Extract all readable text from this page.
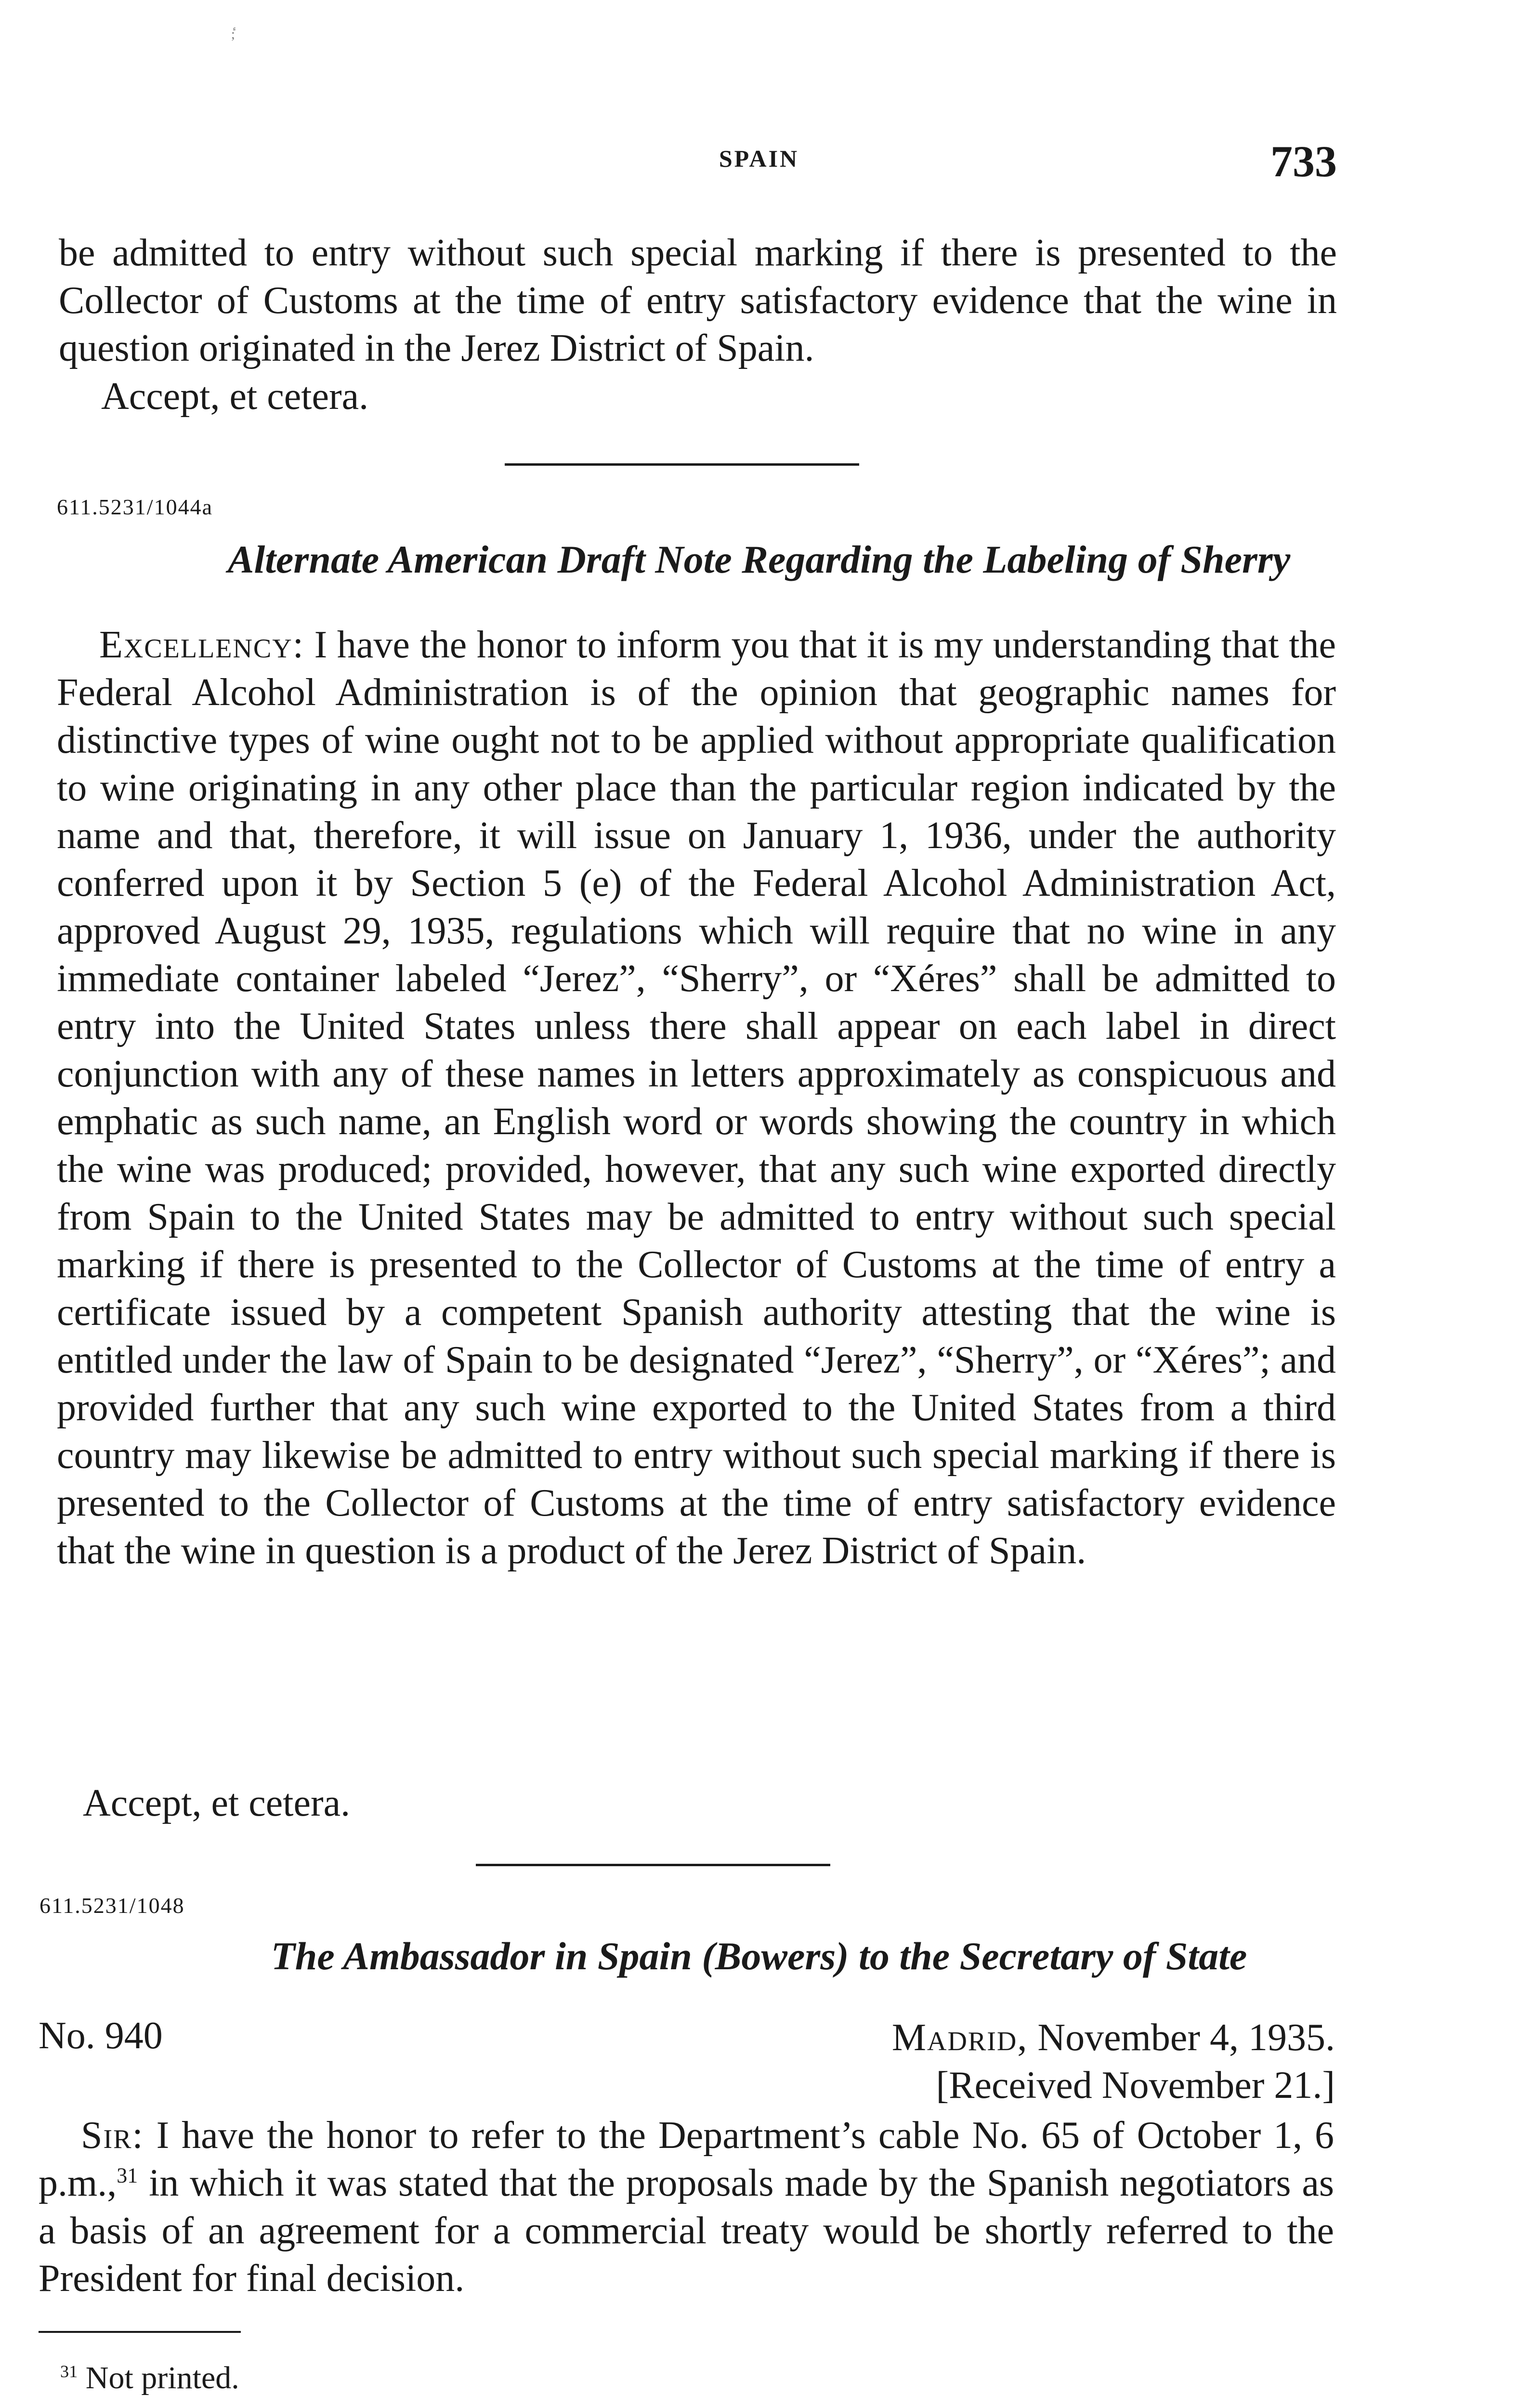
ٔ;
SPAIN	733

be admitted to entry without such special marking if there is presented to the Collector of Customs at the time of entry satisfactory evidence that the wine in question originated in the Jerez District of Spain.

Accept, et cetera.

611.5231/1044a
Alternate American Draft Note Regarding the Labeling of Sherry

Excellency: I have the honor to inform you that it is my understanding that the Federal Alcohol Administration is of the opinion that geographic names for distinctive types of wine ought not to be applied without appropriate qualification to wine originating in any other place than the particular region indicated by the name and that, therefore, it will issue on January 1, 1936, under the authority conferred upon it by Section 5 (e) of the Federal Alcohol Administration Act, approved August 29, 1935, regulations which will require that no wine in any immediate container labeled “Jerez”, “Sherry”, or “Xéres” shall be admitted to entry into the United States unless there shall appear on each label in direct conjunction with any of these names in letters approximately as conspicuous and emphatic as such name, an English word or words showing the country in which the wine was produced; provided, however, that any such wine exported directly from Spain to the United States may be admitted to entry without such special marking if there is presented to the Collector of Customs at the time of entry a certificate issued by a competent Spanish authority attesting that the wine is entitled under the law of Spain to be designated “Jerez”, “Sherry”, or “Xéres”; and provided further that any such wine exported to the United States from a third country may likewise be admitted to entry without such special marking if there is presented to the Collector of Customs at the time of entry satisfactory evidence that the wine in question is a product of the Jerez District of Spain.

Accept, et cetera.

611.5231/1048
The Ambassador in Spain (Bowers) to the Secretary of State
No. 940	Madrid, November 4, 1935.
[Received November 21.]

Sir: I have the honor to refer to the Department’s cable No. 65 of October 1, 6 p.m.,$^{31}$ in which it was stated that the proposals made by the Spanish negotiators as a basis of an agreement for a commercial treaty would be shortly referred to the President for final decision.

$^{31}$ Not printed.
